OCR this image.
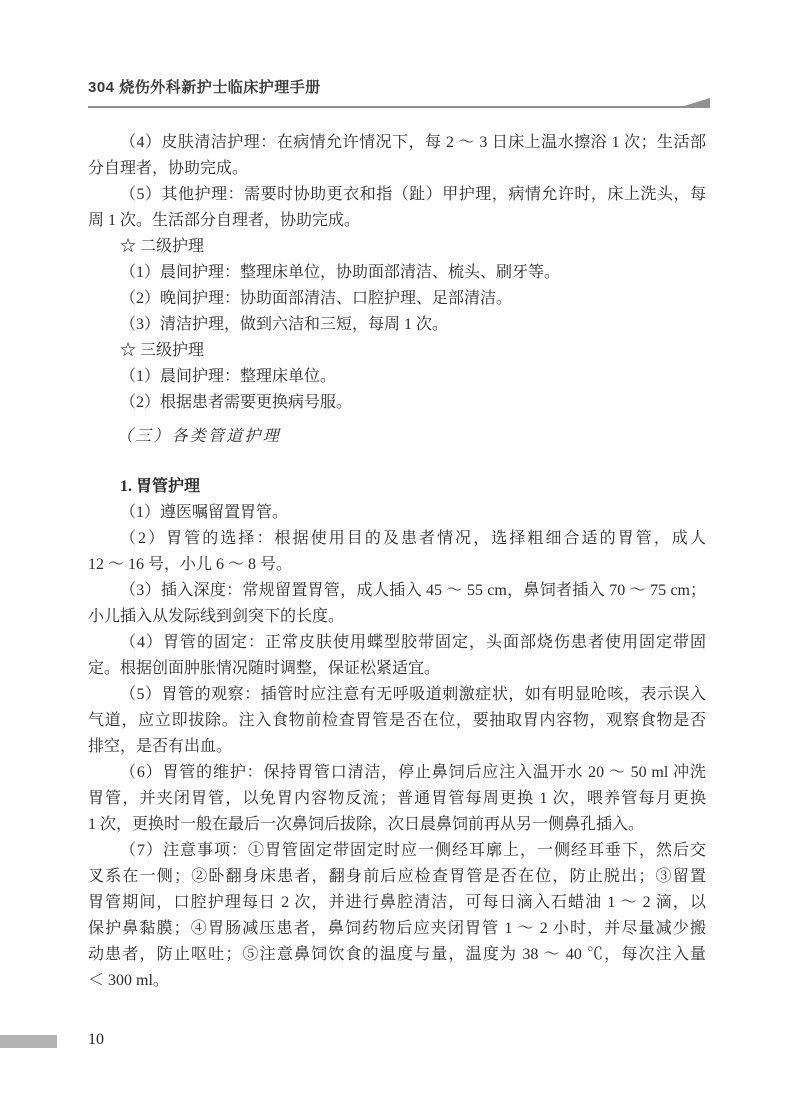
304 烧伤外科新护士临床护理手册
（4）皮肤清洁护理：在病情允许情况下，每 2 ～ 3 日床上温水擦浴 1 次；生活部
分自理者，协助完成。
（5）其他护理：需要时协助更衣和指（趾）甲护理，病情允许时，床上洗头，每
周 1 次。生活部分自理者，协助完成。
☆ 二级护理
（1）晨间护理：整理床单位，协助面部清洁、梳头、刷牙等。
（2）晚间护理：协助面部清洁、口腔护理、足部清洁。
（3）清洁护理，做到六洁和三短，每周 1 次。
☆ 三级护理
（1）晨间护理：整理床单位。
（2）根据患者需要更换病号服。
（三）各类管道护理
1. 胃管护理
（1）遵医嘱留置胃管。
（2）胃管的选择：根据使用目的及患者情况，选择粗细合适的胃管，成人
12 ～ 16 号，小儿 6 ～ 8 号。
（3）插入深度：常规留置胃管，成人插入 45 ～ 55 cm，鼻饲者插入 70 ～ 75 cm；
小儿插入从发际线到剑突下的长度。
（4）胃管的固定：正常皮肤使用蝶型胶带固定，头面部烧伤患者使用固定带固
定。根据创面肿胀情况随时调整，保证松紧适宜。
（5）胃管的观察：插管时应注意有无呼吸道刺激症状，如有明显呛咳，表示误入
气道，应立即拔除。注入食物前检查胃管是否在位，要抽取胃内容物，观察食物是否
排空，是否有出血。
（6）胃管的维护：保持胃管口清洁，停止鼻饲后应注入温开水 20 ～ 50 ml 冲洗
胃管，并夹闭胃管，以免胃内容物反流；普通胃管每周更换 1 次，喂养管每月更换
1 次，更换时一般在最后一次鼻饲后拔除，次日晨鼻饲前再从另一侧鼻孔插入。
（7）注意事项：①胃管固定带固定时应一侧经耳廓上，一侧经耳垂下，然后交
叉系在一侧；②卧翻身床患者，翻身前后应检查胃管是否在位，防止脱出；③留置
胃管期间，口腔护理每日 2 次，并进行鼻腔清洁，可每日滴入石蜡油 1 ～ 2 滴，以
保护鼻黏膜；④胃肠减压患者，鼻饲药物后应夹闭胃管 1 ～ 2 小时，并尽量减少搬
动患者，防止呕吐；⑤注意鼻饲饮食的温度与量，温度为 38 ～ 40 ℃，每次注入量
＜ 300 ml。
10
